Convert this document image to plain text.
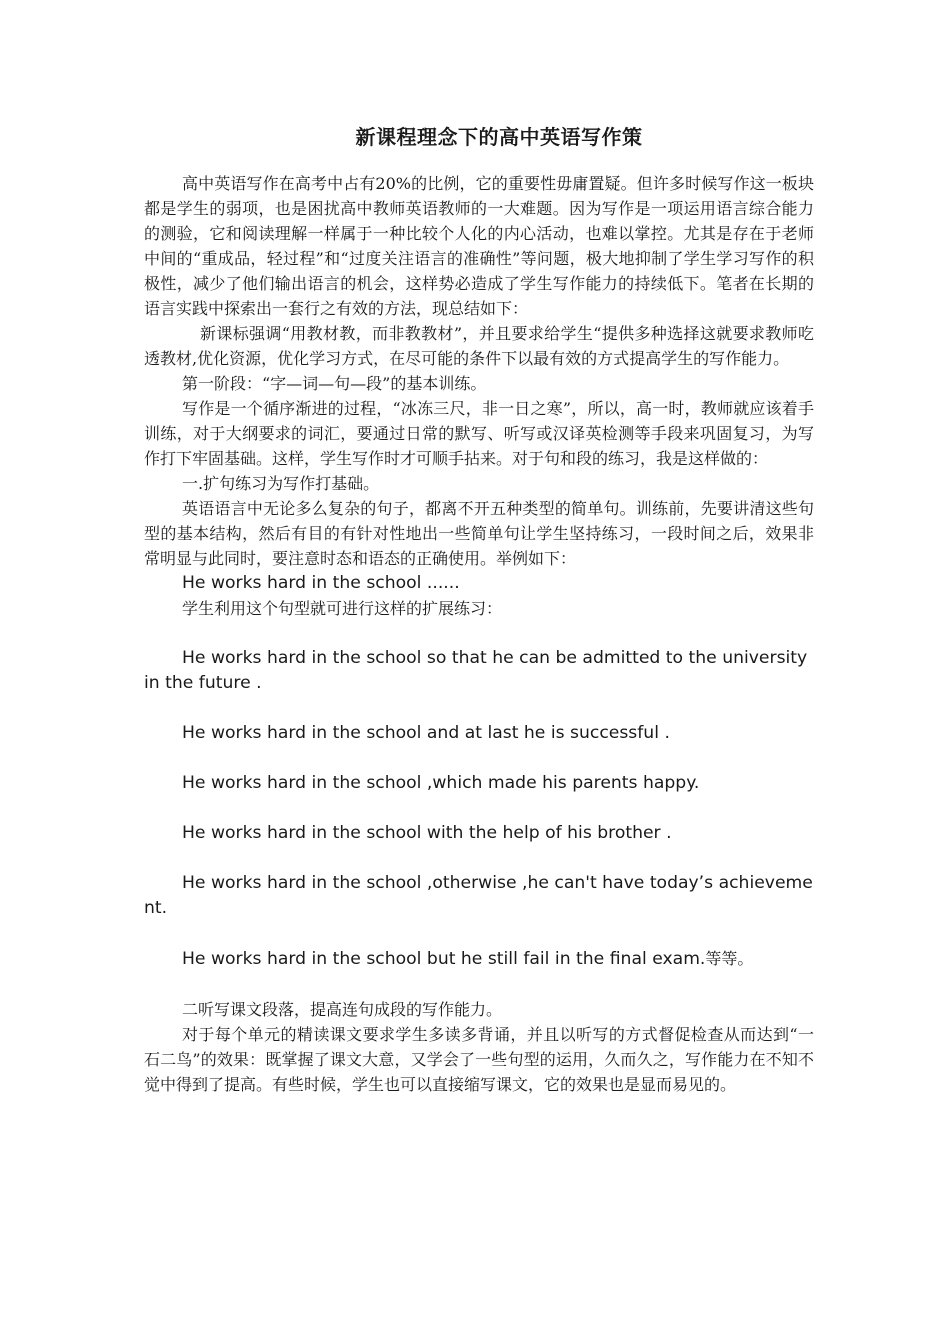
新课程理念下的高中英语写作策

高中英语写作在高考中占有20%的比例，它的重要性毋庸置疑。但许多时候写作这一板块都是学生的弱项，也是困扰高中教师英语教师的一大难题。因为写作是一项运用语言综合能力的测验，它和阅读理解一样属于一种比较个人化的内心活动，也难以掌控。尤其是存在于老师中间的“重成品，轻过程”和“过度关注语言的准确性”等问题，极大地抑制了学生学习写作的积极性，减少了他们输出语言的机会，这样势必造成了学生写作能力的持续低下。笔者在长期的语言实践中探索出一套行之有效的方法，现总结如下：

新课标强调“用教材教，而非教教材”，并且要求给学生“提供多种选择这就要求教师吃透教材,优化资源，优化学习方式，在尽可能的条件下以最有效的方式提高学生的写作能力。

第一阶段：“字—词—句—段”的基本训练。

写作是一个循序渐进的过程，“冰冻三尺，非一日之寒”，所以，高一时，教师就应该着手训练，对于大纲要求的词汇，要通过日常的默写、听写或汉译英检测等手段来巩固复习，为写作打下牢固基础。这样，学生写作时才可顺手拈来。对于句和段的练习，我是这样做的：

一.扩句练习为写作打基础。

英语语言中无论多么复杂的句子，都离不开五种类型的简单句。训练前，先要讲清这些句型的基本结构，然后有目的有针对性地出一些简单句让学生坚持练习，一段时间之后，效果非常明显与此同时，要注意时态和语态的正确使用。举例如下：

He works hard in the school ......

学生利用这个句型就可进行这样的扩展练习：

He works hard in the school so that he can be admitted to the university in the future .

He works hard in the school and at last he is successful .

He works hard in the school ,which made his parents happy.

He works hard in the school with the help of his brother .

He works hard in the school ,otherwise ,he can't have today’s achievement.

He works hard in the school but he still fail in the final exam.等等。

二听写课文段落，提高连句成段的写作能力。

对于每个单元的精读课文要求学生多读多背诵，并且以听写的方式督促检查从而达到“一石二鸟”的效果：既掌握了课文大意，又学会了一些句型的运用，久而久之，写作能力在不知不觉中得到了提高。有些时候，学生也可以直接缩写课文，它的效果也是显而易见的。
